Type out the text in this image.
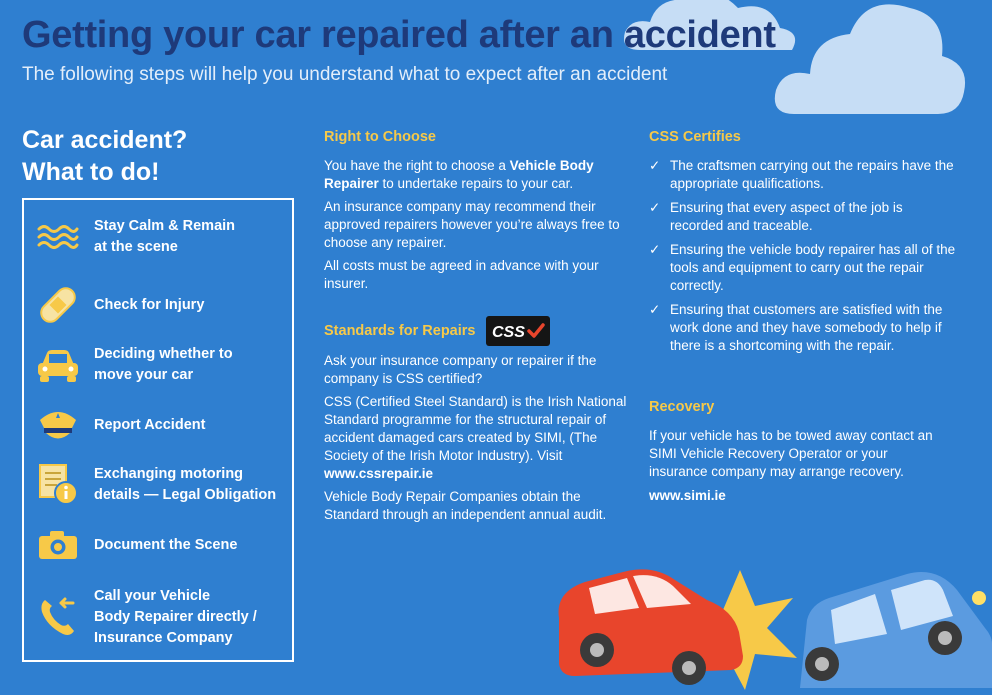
Getting your car repaired after an accident

The following steps will help you understand what to expect after an accident

Car accident?
What to do!
Stay Calm & Remain
at the scene
Check for Injury
Deciding whether to
move your car
Report Accident
Exchanging motoring
details — Legal Obligation
Document the Scene
Call your Vehicle
Body Repairer directly /
Insurance Company
Right to Choose

You have the right to choose a Vehicle Body Repairer to undertake repairs to your car.

An insurance company may recommend their approved repairers however you’re always free to choose any repairer.

All costs must be agreed in advance with your insurer.

Standards for Repairs CSS

Ask your insurance company or repairer if the company is CSS certified?

CSS (Certified Steel Standard) is the Irish National Standard programme for the structural repair of accident damaged cars created by SIMI, (The Society of the Irish Motor Industry). Visit www.cssrepair.ie

Vehicle Body Repair Companies obtain the Standard through an independent annual audit.

CSS Certifies
✓ The craftsmen carrying out the repairs have the appropriate qualifications.
✓ Ensuring that every aspect of the job is recorded and traceable.
✓ Ensuring the vehicle body repairer has all of the tools and equipment to carry out the repair correctly.
✓ Ensuring that customers are satisfied with the work done and they have somebody to help if there is a shortcoming with the repair.
Recovery

If your vehicle has to be towed away contact an SIMI Vehicle Recovery Operator or your insurance company may arrange recovery.

www.simi.ie
